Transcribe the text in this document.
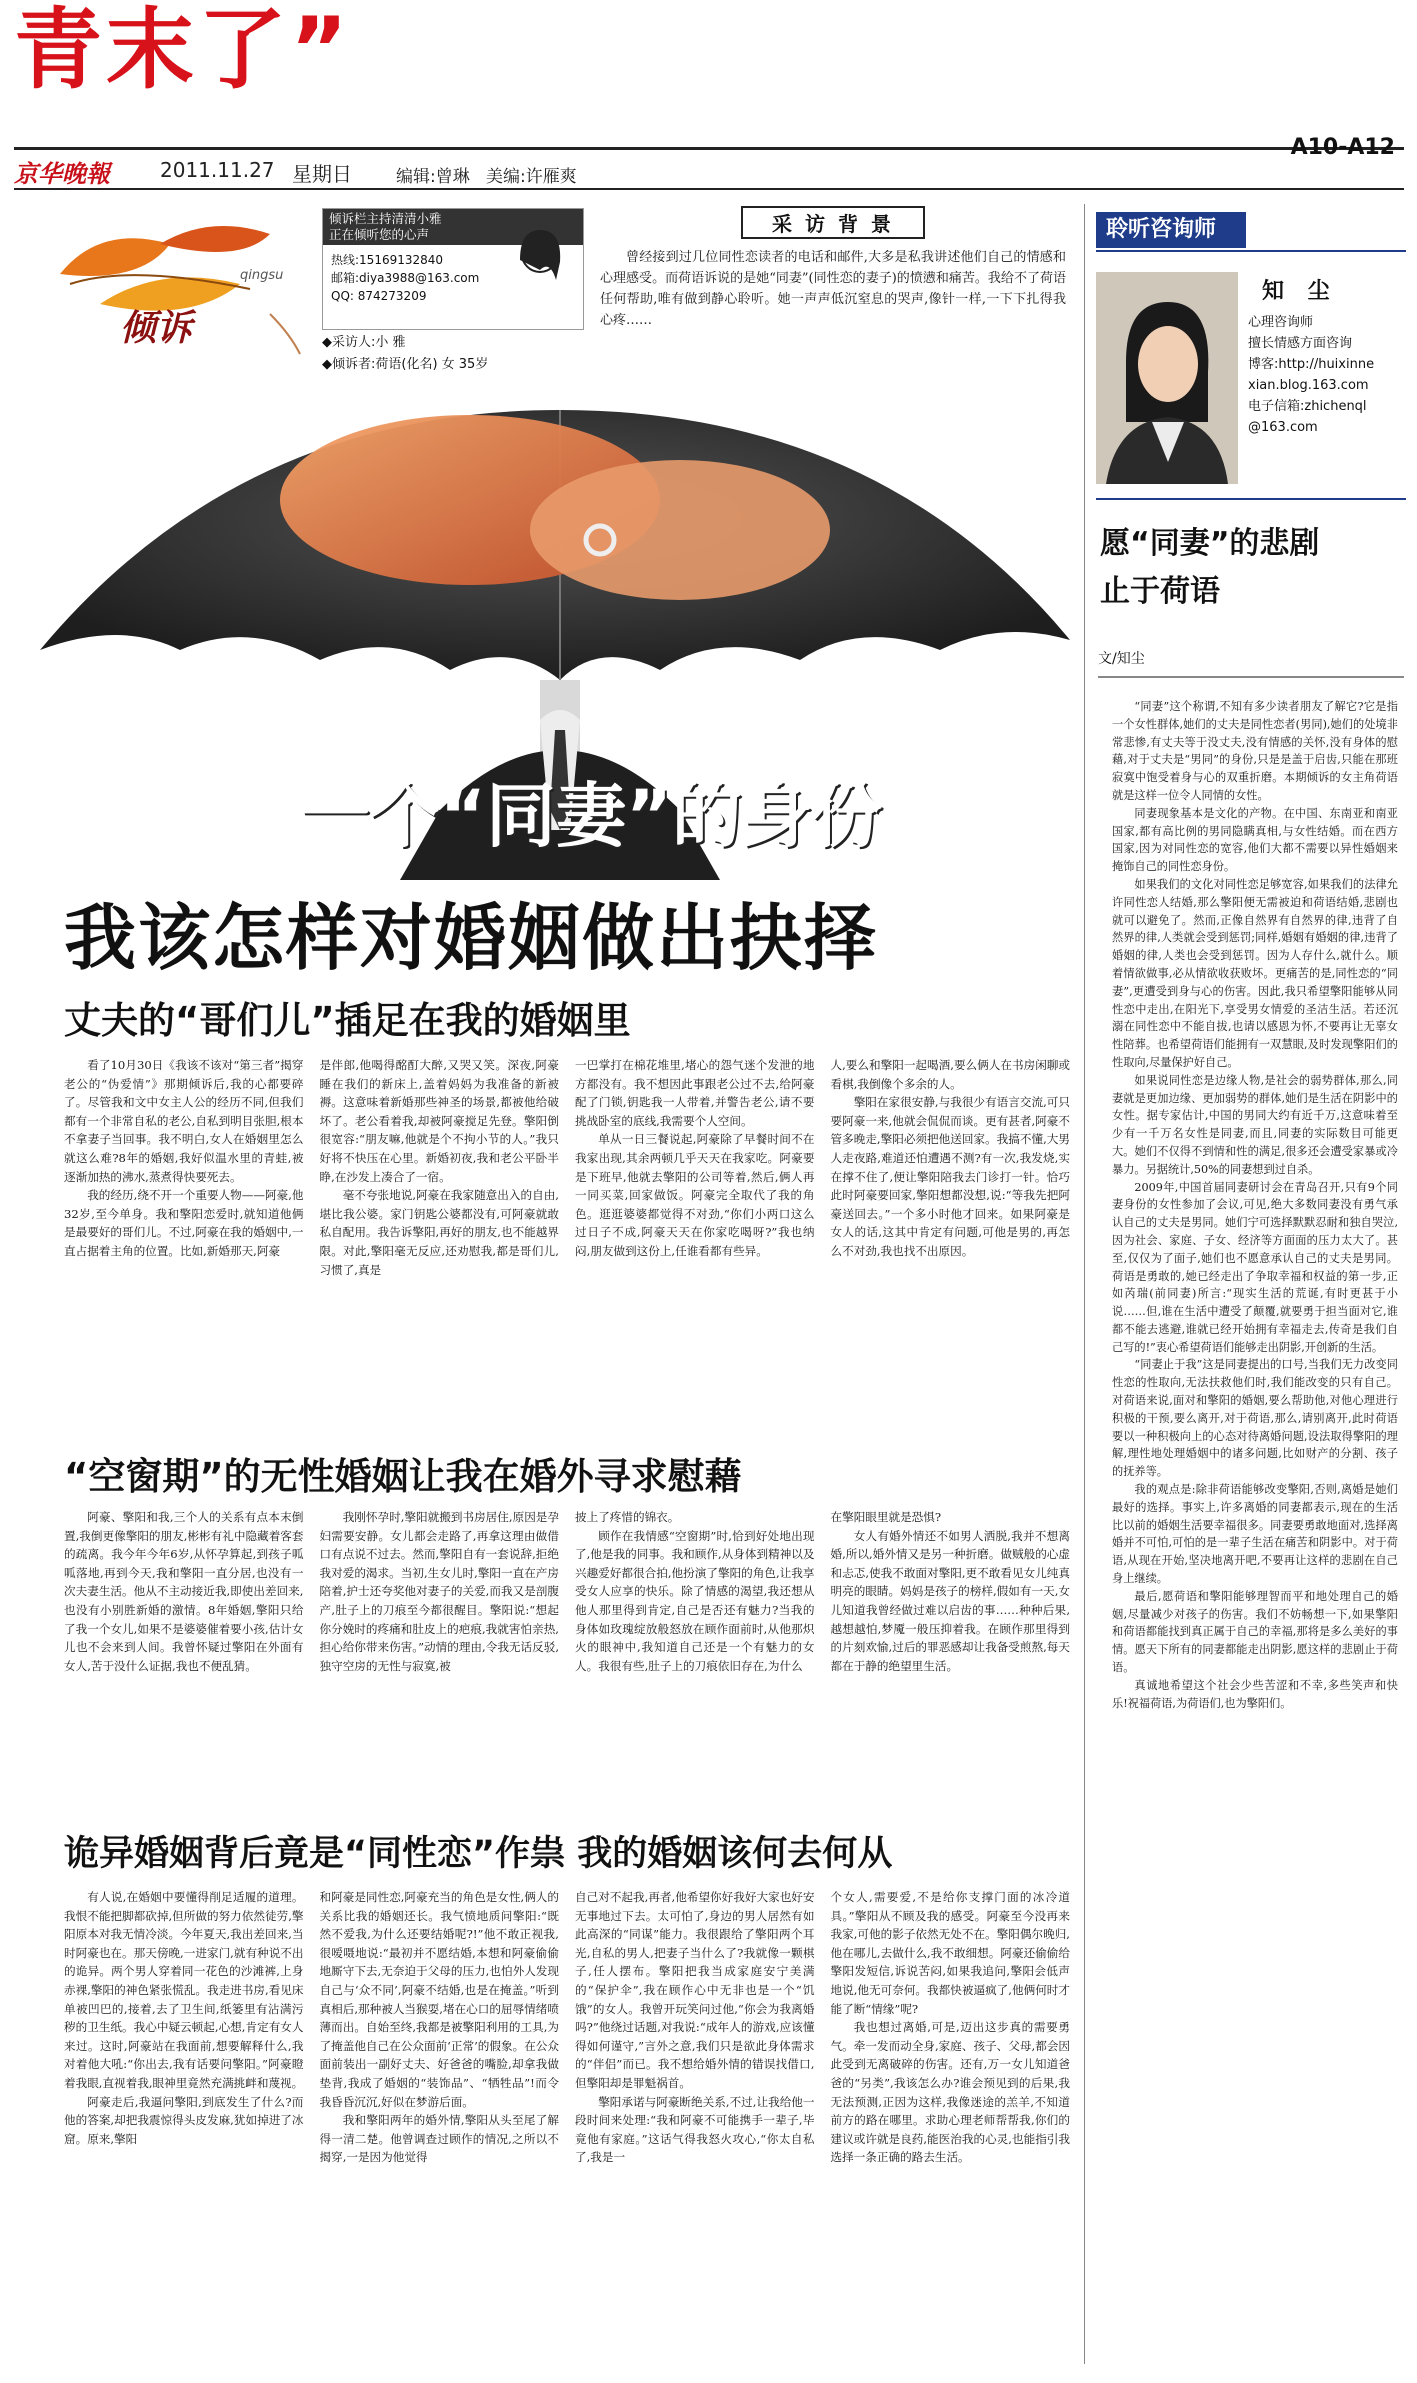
青末了”
京华晚報	2011.11.27 星期日	编辑:曾琳 美编:许雁爽
A10-A12
倾诉
qingsu
倾诉栏主持清清小雅
正在倾听您的心声
热线:15169132840
邮箱:diya3988@163.com
QQ: 874273209
◆采访人:小 雅
◆倾诉者:荷语(化名) 女 35岁
采 访 背 景
曾经接到过几位同性恋读者的电话和邮件,大多是私我讲述他们自己的情感和心理感受。而荷语诉说的是她“同妻”(同性恋的妻子)的愤懑和痛苦。我给不了荷语任何帮助,唯有做到静心聆听。她一声声低沉窒息的哭声,像针一样,一下下扎得我心疼……
一个“同妻”的身份
我该怎样对婚姻做出抉择
丈夫的“哥们儿”插足在我的婚姻里

看了10月30日《我该不该对“第三者”揭穿老公的“伪爱情”》那期倾诉后,我的心都要碎了。尽管我和文中女主人公的经历不同,但我们都有一个非常自私的老公,自私到明目张胆,根本不拿妻子当回事。我不明白,女人在婚姻里怎么就这么难?8年的婚姻,我好似温水里的青蛙,被逐渐加热的沸水,蒸煮得快要死去。

我的经历,绕不开一个重要人物——阿豪,他32岁,至今单身。我和擎阳恋爱时,就知道他俩是最要好的哥们儿。不过,阿豪在我的婚姻中,一直占据着主角的位置。比如,新婚那天,阿豪

是伴郎,他喝得酩酊大醉,又哭又笑。深夜,阿豪睡在我们的新床上,盖着妈妈为我准备的新被褥。这意味着新婚那些神圣的场景,都被他给破坏了。老公看着我,却被阿豪搅足先登。擎阳倒很宽容:“朋友嘛,他就是个不拘小节的人。”我只好将不快压在心里。新婚初夜,我和老公平卧半睁,在沙发上凑合了一宿。

毫不夸张地说,阿豪在我家随意出入的自由,堪比我公婆。家门钥匙公婆都没有,可阿豪就敢私自配用。我告诉擎阳,再好的朋友,也不能越界限。对此,擎阳毫无反应,还劝慰我,都是哥们儿,习惯了,真是

一巴掌打在棉花堆里,堵心的怨气迷个发泄的地方都没有。我不想因此事跟老公过不去,给阿豪配了门锁,钥匙我一人带着,并警告老公,请不要挑战卧室的底线,我需要个人空间。

单从一日三餐说起,阿豪除了早餐时间不在我家出现,其余两顿几乎天天在我家吃。阿豪要是下班早,他就去擎阳的公司等着,然后,俩人再一同买菜,回家做饭。阿豪完全取代了我的角色。逛逛婆婆都觉得不对劲,“你们小两口这么过日子不成,阿豪天天在你家吃喝呀?”我也纳闷,朋友做到这份上,任谁看都有些异。

人,要么和擎阳一起喝酒,要么俩人在书房闲聊或看棋,我倒像个多余的人。

擎阳在家很安静,与我很少有语言交流,可只要阿豪一来,他就会侃侃而谈。更有甚者,阿豪不管多晚走,擎阳必须把他送回家。我搞不懂,大男人走夜路,难道还怕遭遇不测?有一次,我发烧,实在撑不住了,便让擎阳陪我去门诊打一针。恰巧此时阿豪要回家,擎阳想都没想,说:“等我先把阿豪送回去。”一个多小时他才回来。如果阿豪是女人的话,这其中肯定有问题,可他是男的,再怎么不对劲,我也找不出原因。

“空窗期”的无性婚姻让我在婚外寻求慰藉

阿豪、擎阳和我,三个人的关系有点本末倒置,我倒更像擎阳的朋友,彬彬有礼中隐藏着客套的疏离。我今年今年6岁,从怀孕算起,到孩子呱呱落地,再到今天,我和擎阳一直分居,也没有一次夫妻生活。他从不主动接近我,即使出差回来,也没有小别胜新婚的激情。8年婚姻,擎阳只给了我一个女儿,如果不是婆婆催着要小孩,估计女儿也不会来到人间。我曾怀疑过擎阳在外面有女人,苦于没什么证据,我也不便乱猜。

我刚怀孕时,擎阳就搬到书房居住,原因是孕妇需要安静。女儿都会走路了,再拿这理由做借口有点说不过去。然而,擎阳自有一套说辞,拒绝我对爱的渴求。当初,生女儿时,擎阳一直在产房陪着,护士还夸奖他对妻子的关爱,而我又是剖腹产,肚子上的刀痕至今都很醒目。擎阳说:“想起你分娩时的疼痛和肚皮上的疤痕,我就害怕亲热,担心给你带来伤害。”动情的理由,令我无话反驳,独守空房的无性与寂寞,被

披上了疼惜的锦衣。

顾作在我情感“空窗期”时,恰到好处地出现了,他是我的同事。我和顾作,从身体到精神以及兴趣爱好都很合拍,他扮演了擎阳的角色,让我享受女人应享的快乐。除了情感的渴望,我还想从他人那里得到肯定,自己是否还有魅力?当我的身体如玫瑰绽放般怒放在顾作面前时,从他那炽火的眼神中,我知道自己还是一个有魅力的女人。我很有些,肚子上的刀痕依旧存在,为什么

在擎阳眼里就是恐惧?

女人有婚外情还不如男人洒脱,我并不想离婚,所以,婚外情又是另一种折磨。做贼般的心虚和忐忑,使我不敢面对擎阳,更不敢看见女儿纯真明亮的眼睛。妈妈是孩子的榜样,假如有一天,女儿知道我曾经做过难以启齿的事……种种后果,越想越怕,梦魇一般压抑着我。在顾作那里得到的片刻欢愉,过后的罪恶感却让我备受煎熬,每天都在于静的绝望里生活。

诡异婚姻背后竟是“同性恋”作祟 我的婚姻该何去何从

有人说,在婚姻中要懂得削足适履的道理。我恨不能把脚都砍掉,但所做的努力依然徒劳,擎阳原本对我无情冷淡。今年夏天,我出差回来,当时阿豪也在。那天傍晚,一进家门,就有种说不出的诡异。两个男人穿着同一花色的沙滩裤,上身赤裸,擎阳的神色紧张慌乱。我走进书房,看见床单被凹巴的,接着,去了卫生间,纸篓里有沾满污秽的卫生纸。我心中疑云顿起,心想,肯定有女人来过。这时,阿豪站在我面前,想要解释什么,我对着他大吼:“你出去,我有话要问擎阳。”阿豪瞪着我眼,直视着我,眼神里竟然充满挑衅和蔑视。

阿豪走后,我逼问擎阳,到底发生了什么?而他的答案,却把我震惊得头皮发麻,犹如掉进了冰窟。原来,擎阳

和阿豪是同性恋,阿豪充当的角色是女性,俩人的关系比我的婚姻还长。我气愤地质问擎阳:“既然不爱我,为什么还要结婚呢?!”他不敢正视我,很嗳嗫地说:“最初并不愿结婚,本想和阿豪偷偷地厮守下去,无奈迫于父母的压力,也怕外人发现自己与‘众不同’,阿豪不结婚,也是在掩盖。”听到真相后,那种被人当猴耍,堵在心口的屈辱情绪喷薄而出。自始至终,我都是被擎阳利用的工具,为了掩盖他自己在公众面前‘正常’的假象。在公众面前装出一副好丈夫、好爸爸的嘴脸,却拿我做垫背,我成了婚姻的“装饰品”、“牺牲品”!而令我昏昏沉沉,好似在梦游后面。

我和擎阳两年的婚外情,擎阳从头至尾了解得一清二楚。他曾调查过顾作的情况,之所以不揭穿,一是因为他觉得

自己对不起我,再者,他希望你好我好大家也好安无事地过下去。太可怕了,身边的男人居然有如此高深的“同谋”能力。我很跟给了擎阳两个耳光,自私的男人,把妻子当什么了?我就像一颗棋子,任人摆布。擎阳把我当成家庭安宁美满的“保护伞”,我在顾作心中无非也是一个“饥饿”的女人。我曾开玩笑问过他,“你会为我离婚吗?”他绕过话题,对我说:“成年人的游戏,应该懂得如何谨守,”言外之意,我们只是欲此身体需求的“伴侣”而已。我不想给婚外情的错误找借口,但擎阳却是罪魁祸首。

擎阳承诺与阿豪断绝关系,不过,让我给他一段时间来处理:“我和阿豪不可能携手一辈子,毕竟他有家庭。”这话气得我怒火攻心,“你太自私了,我是一

个女人,需要爱,不是给你支撑门面的冰冷道具。”擎阳从不顾及我的感受。阿豪至今没再来我家,可他的影子依然无处不在。擎阳偶尔晚归,他在哪儿,去做什么,我不敢细想。阿豪还偷偷给擎阳发短信,诉说苦闷,如果我追问,擎阳会低声地说,他无可奈何。我都快被逼疯了,他俩何时才能了断“情缘”呢?

我也想过离婚,可是,迈出这步真的需要勇气。牵一发而动全身,家庭、孩子、父母,都会因此受到无离破碎的伤害。还有,万一女儿知道爸爸的“另类”,我该怎么办?谁会预见到的后果,我无法预测,正因为这样,我像迷途的羔羊,不知道前方的路在哪里。求助心理老师帮帮我,你们的建议或许就是良药,能医治我的心灵,也能指引我选择一条正确的路去生活。

聆听咨询师
知 尘
心理咨询师
擅长情感方面咨询
博客:http://huixinne
xian.blog.163.com
电子信箱:zhichenql
@163.com
愿“同妻”的悲剧
止于荷语
文/知尘

“同妻”这个称谓,不知有多少读者朋友了解它?它是指一个女性群体,她们的丈夫是同性恋者(男同),她们的处境非常悲惨,有丈夫等于没丈夫,没有情感的关怀,没有身体的慰藉,对于丈夫是“男同”的身份,只是是盖于启齿,只能在那班寂寞中饱受着身与心的双重折磨。本期倾诉的女主角荷语就是这样一位令人同情的女性。

同妻现象基本是文化的产物。在中国、东南亚和南亚国家,都有高比例的男同隐瞒真相,与女性结婚。而在西方国家,因为对同性恋的宽容,他们大都不需要以异性婚姻来掩饰自己的同性恋身份。

如果我们的文化对同性恋足够宽容,如果我们的法律允许同性恋人结婚,那么擎阳便无需被迫和荷语结婚,悲剧也就可以避免了。然而,正像自然界有自然界的律,违背了自然界的律,人类就会受到惩罚;同样,婚姻有婚姻的律,违背了婚姻的律,人类也会受到惩罚。因为人存什么,就什么。顺着情欲做事,必从情欲收获败坏。更痛苦的是,同性恋的“同妻”,更遭受到身与心的伤害。因此,我只希望擎阳能够从同性恋中走出,在阳光下,享受男女情爱的圣洁生活。若还沉溺在同性恋中不能自拔,也请以感恩为怀,不要再让无辜女性陪葬。也希望荷语们能拥有一双慧眼,及时发现擎阳们的性取向,尽量保护好自己。

如果说同性恋是边缘人物,是社会的弱势群体,那么,同妻就是更加边缘、更加弱势的群体,她们是生活在阴影中的女性。据专家估计,中国的男同大约有近千万,这意味着至少有一千万名女性是同妻,而且,同妻的实际数目可能更大。她们不仅得不到情和性的满足,很多还会遭受家暴或冷暴力。另据统计,50%的同妻想到过自杀。

2009年,中国首届同妻研讨会在青岛召开,只有9个同妻身份的女性参加了会议,可见,绝大多数同妻没有勇气承认自己的丈夫是男同。她们宁可选择默默忍耐和独自哭泣,因为社会、家庭、子女、经济等方面面的压力太大了。甚至,仅仅为了面子,她们也不愿意承认自己的丈夫是男同。荷语是勇敢的,她已经走出了争取幸福和权益的第一步,正如芮瑞(前同妻)所言:“现实生活的荒诞,有时更甚于小说……但,谁在生活中遭受了颠覆,就要勇于担当面对它,谁都不能去逃避,谁就已经开始拥有幸福走去,传奇是我们自己写的!”衷心希望荷语们能够走出阴影,开创新的生活。

“同妻止于我”这是同妻提出的口号,当我们无力改变同性恋的性取向,无法扶救他们时,我们能改变的只有自己。对荷语来说,面对和擎阳的婚姻,要么帮助他,对他心理进行积极的干预,要么离开,对于荷语,那么,请别离开,此时荷语要以一种积极向上的心态对待离婚问题,设法取得擎阳的理解,理性地处理婚姻中的诸多问题,比如财产的分割、孩子的抚养等。

我的观点是:除非荷语能够改变擎阳,否则,离婚是她们最好的选择。事实上,许多离婚的同妻都表示,现在的生活比以前的婚姻生活要幸福很多。同妻要勇敢地面对,选择离婚并不可怕,可怕的是一辈子生活在痛苦和阴影中。对于荷语,从现在开始,坚决地离开吧,不要再让这样的悲剧在自己身上继续。

最后,愿荷语和擎阳能够理智而平和地处理自己的婚姻,尽量减少对孩子的伤害。我们不妨畅想一下,如果擎阳和荷语都能找到真正属于自己的幸福,那将是多么美好的事情。愿天下所有的同妻都能走出阴影,愿这样的悲剧止于荷语。

真诚地希望这个社会少些苦涩和不幸,多些笑声和快乐!祝福荷语,为荷语们,也为擎阳们。
